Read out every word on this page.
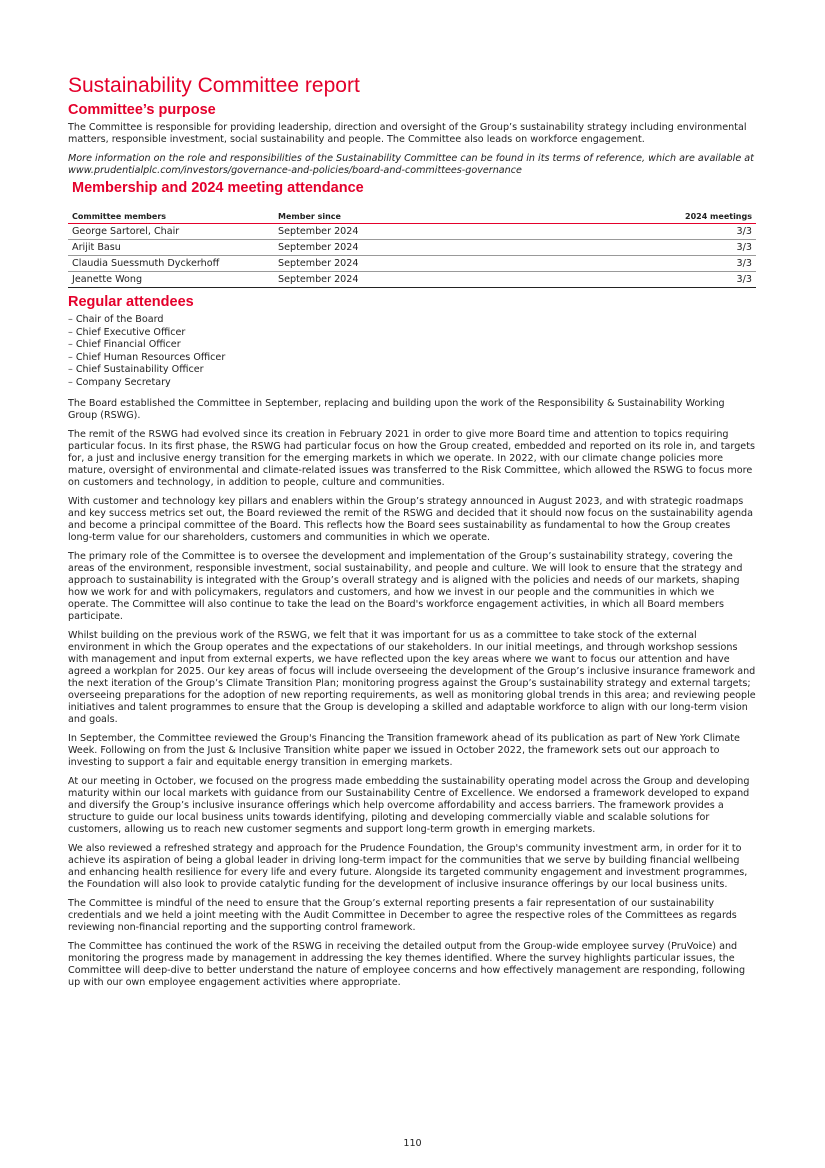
Sustainability Committee report
Committee’s purpose

The Committee is responsible for providing leadership, direction and oversight of the Group’s sustainability strategy including environmental matters, responsible investment, social sustainability and people. The Committee also leads on workforce engagement.

More information on the role and responsibilities of the Sustainability Committee can be found in its terms of reference, which are available at www.prudentialplc.com/investors/governance-and-policies/board-and-committees-governance

Membership and 2024 meeting attendance
Committee members	Member since	2024 meetings
George Sartorel, Chair	September 2024	3/3
Arijit Basu	September 2024	3/3
Claudia Suessmuth Dyckerhoff	September 2024	3/3
Jeanette Wong	September 2024	3/3
Regular attendees
– Chair of the Board
– Chief Executive Officer
– Chief Financial Officer
– Chief Human Resources Officer
– Chief Sustainability Officer
– Company Secretary

The Board established the Committee in September, replacing and building upon the work of the Responsibility & Sustainability Working Group (RSWG).

The remit of the RSWG had evolved since its creation in February 2021 in order to give more Board time and attention to topics requiring particular focus. In its first phase, the RSWG had particular focus on how the Group created, embedded and reported on its role in, and targets for, a just and inclusive energy transition for the emerging markets in which we operate. In 2022, with our climate change policies more mature, oversight of environmental and climate-related issues was transferred to the Risk Committee, which allowed the RSWG to focus more on customers and technology, in addition to people, culture and communities.

With customer and technology key pillars and enablers within the Group’s strategy announced in August 2023, and with strategic roadmaps and key success metrics set out, the Board reviewed the remit of the RSWG and decided that it should now focus on the sustainability agenda and become a principal committee of the Board. This reflects how the Board sees sustainability as fundamental to how the Group creates long-term value for our shareholders, customers and communities in which we operate.

The primary role of the Committee is to oversee the development and implementation of the Group’s sustainability strategy, covering the areas of the environment, responsible investment, social sustainability, and people and culture. We will look to ensure that the strategy and approach to sustainability is integrated with the Group’s overall strategy and is aligned with the policies and needs of our markets, shaping how we work for and with policymakers, regulators and customers, and how we invest in our people and the communities in which we operate. The Committee will also continue to take the lead on the Board's workforce engagement activities, in which all Board members participate.

Whilst building on the previous work of the RSWG, we felt that it was important for us as a committee to take stock of the external environment in which the Group operates and the expectations of our stakeholders. In our initial meetings, and through workshop sessions with management and input from external experts, we have reflected upon the key areas where we want to focus our attention and have agreed a workplan for 2025. Our key areas of focus will include overseeing the development of the Group’s inclusive insurance framework and the next iteration of the Group’s Climate Transition Plan; monitoring progress against the Group’s sustainability strategy and external targets; overseeing preparations for the adoption of new reporting requirements, as well as monitoring global trends in this area; and reviewing people initiatives and talent programmes to ensure that the Group is developing a skilled and adaptable workforce to align with our long-term vision and goals.

In September, the Committee reviewed the Group's Financing the Transition framework ahead of its publication as part of New York Climate Week. Following on from the Just & Inclusive Transition white paper we issued in October 2022, the framework sets out our approach to investing to support a fair and equitable energy transition in emerging markets.

At our meeting in October, we focused on the progress made embedding the sustainability operating model across the Group and developing maturity within our local markets with guidance from our Sustainability Centre of Excellence. We endorsed a framework developed to expand and diversify the Group’s inclusive insurance offerings which help overcome affordability and access barriers. The framework provides a structure to guide our local business units towards identifying, piloting and developing commercially viable and scalable solutions for customers, allowing us to reach new customer segments and support long-term growth in emerging markets.

We also reviewed a refreshed strategy and approach for the Prudence Foundation, the Group's community investment arm, in order for it to achieve its aspiration of being a global leader in driving long-term impact for the communities that we serve by building financial wellbeing and enhancing health resilience for every life and every future. Alongside its targeted community engagement and investment programmes, the Foundation will also look to provide catalytic funding for the development of inclusive insurance offerings by our local business units.

The Committee is mindful of the need to ensure that the Group’s external reporting presents a fair representation of our sustainability credentials and we held a joint meeting with the Audit Committee in December to agree the respective roles of the Committees as regards reviewing non-financial reporting and the supporting control framework.

The Committee has continued the work of the RSWG in receiving the detailed output from the Group-wide employee survey (PruVoice) and monitoring the progress made by management in addressing the key themes identified. Where the survey highlights particular issues, the Committee will deep-dive to better understand the nature of employee concerns and how effectively management are responding, following up with our own employee engagement activities where appropriate.

110
